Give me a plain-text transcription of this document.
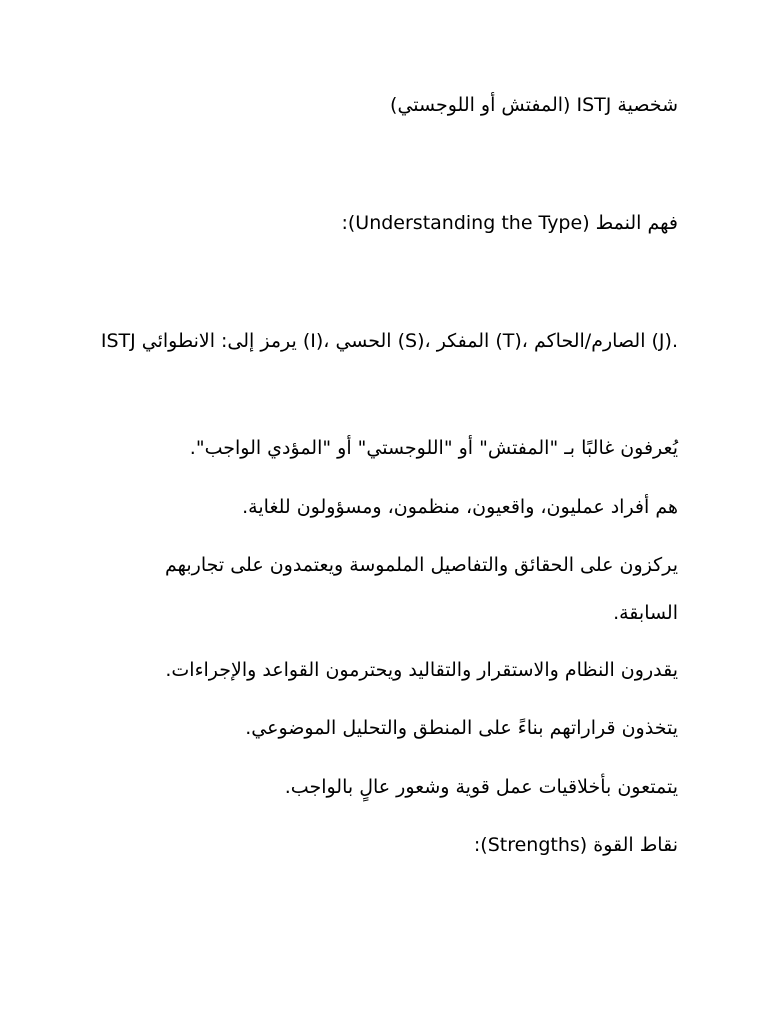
شخصية ISTJ (المفتش أو اللوجستي)
فهم النمط (Understanding the Type):
ISTJ يرمز إلى: الانطوائي (I)، الحسي (S)، المفكر (T)، الصارم/الحاكم (J).
يُعرفون غالبًا بـ "المفتش" أو "اللوجستي" أو "المؤدي الواجب".
هم أفراد عمليون، واقعيون، منظمون، ومسؤولون للغاية.
يركزون على الحقائق والتفاصيل الملموسة ويعتمدون على تجاربهم السابقة.
يقدرون النظام والاستقرار والتقاليد ويحترمون القواعد والإجراءات.
يتخذون قراراتهم بناءً على المنطق والتحليل الموضوعي.
يتمتعون بأخلاقيات عمل قوية وشعور عالٍ بالواجب.
نقاط القوة (Strengths):
